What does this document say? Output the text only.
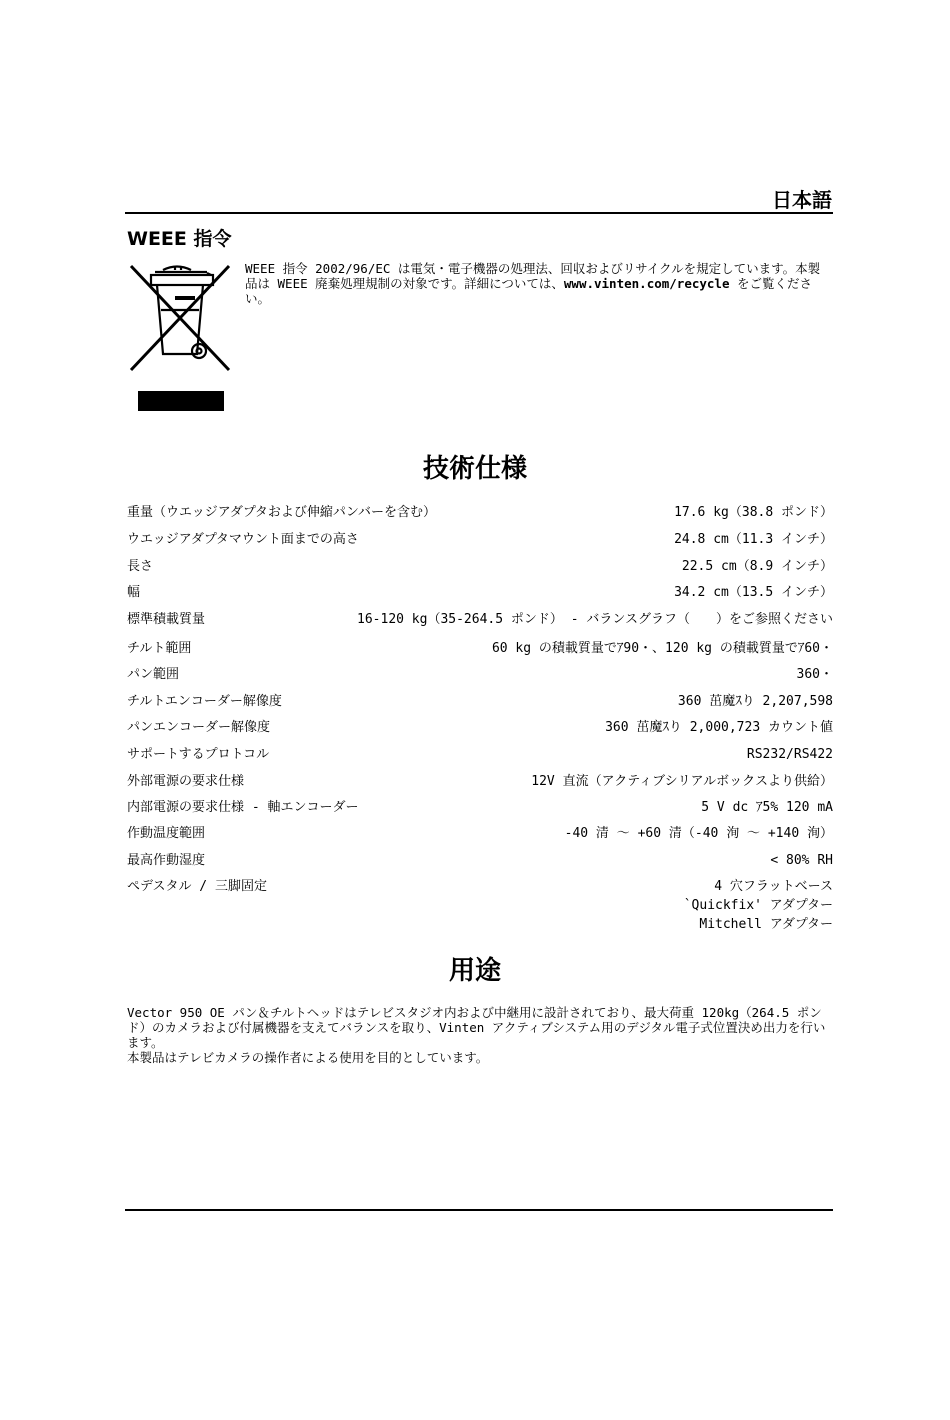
日本語
WEEE 指令
WEEE 指令 2002/96/EC は電気・電子機器の処理法、回収およびリサイクルを規定しています。本製品は WEEE 廃棄処理規制の対象です。詳細については、www.vinten.com/recycle をご覧ください。
技術仕様
重量（ウエッジアダプタおよび伸縮パンバーを含む）	17.6 kg（38.8 ポンド）
ウエッジアダプタマウント面までの高さ	24.8 cm（11.3 インチ）
長さ	22.5 cm（8.9 インチ）
幅	34.2 cm（13.5 インチ）
標準積載質量	16-120 kg（35-264.5 ポンド） - バランスグラフ（　　）をご参照ください
チルト範囲	60 kg の積載質量でｱ90・、120 kg の積載質量でｱ60・
パン範囲	360・
チルトエンコーダー解像度	360 茁魔ｽり 2,207,598
パンエンコーダー解像度	360 茁魔ｽり 2,000,723 カウント値
サポートするプロトコル	RS232/RS422
外部電源の要求仕様	12V 直流（アクティブシリアルボックスより供給）
内部電源の要求仕様 - 軸エンコーダー	5 V dc ｱ5% 120 mA
作動温度範囲	-40 清 ～ +60 清（-40 洵 ～ +140 洵）
最高作動湿度	< 80% RH
ペデスタル / 三脚固定	4 穴フラットベース
`Quickfix' アダプター
Mitchell アダプター
用途

Vector 950 OE パン＆チルトヘッドはテレビスタジオ内および中継用に設計されており、最大荷重 120kg（264.5 ポンド）のカメラおよび付属機器を支えてバランスを取り、Vinten アクティブシステム用のデジタル電子式位置決め出力を行います。

本製品はテレビカメラの操作者による使用を目的としています。
